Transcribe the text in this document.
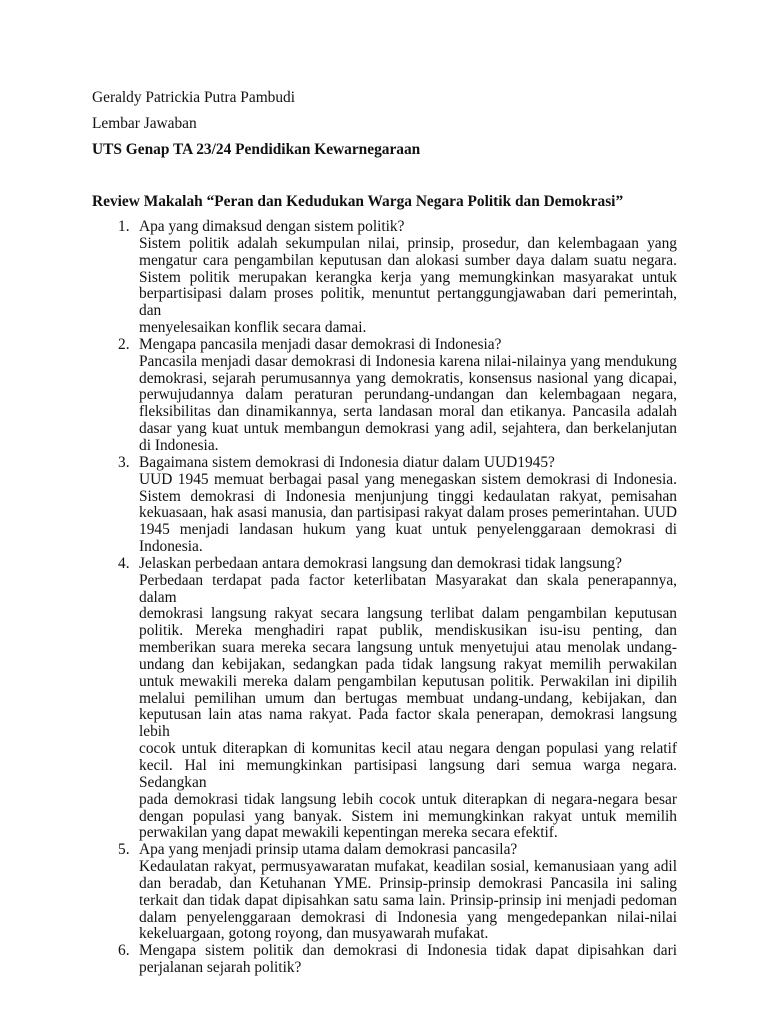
Geraldy Patrickia Putra Pambudi

Lembar Jawaban

UTS Genap TA 23/24 Pendidikan Kewarnegaraan

Review Makalah “Peran dan Kedudukan Warga Negara Politik dan Demokrasi”

1. Apa yang dimaksud dengan sistem politik?
Sistem politik adalah sekumpulan nilai, prinsip, prosedur, dan kelembagaan yang
mengatur cara pengambilan keputusan dan alokasi sumber daya dalam suatu negara.
Sistem politik merupakan kerangka kerja yang memungkinkan masyarakat untuk
berpartisipasi dalam proses politik, menuntut pertanggungjawaban dari pemerintah, dan
menyelesaikan konflik secara damai.
2. Mengapa pancasila menjadi dasar demokrasi di Indonesia?
Pancasila menjadi dasar demokrasi di Indonesia karena nilai-nilainya yang mendukung
demokrasi, sejarah perumusannya yang demokratis, konsensus nasional yang dicapai,
perwujudannya dalam peraturan perundang-undangan dan kelembagaan negara,
fleksibilitas dan dinamikannya, serta landasan moral dan etikanya. Pancasila adalah
dasar yang kuat untuk membangun demokrasi yang adil, sejahtera, dan berkelanjutan
di Indonesia.
3. Bagaimana sistem demokrasi di Indonesia diatur dalam UUD1945?
UUD 1945 memuat berbagai pasal yang menegaskan sistem demokrasi di Indonesia.
Sistem demokrasi di Indonesia menjunjung tinggi kedaulatan rakyat, pemisahan
kekuasaan, hak asasi manusia, dan partisipasi rakyat dalam proses pemerintahan. UUD
1945 menjadi landasan hukum yang kuat untuk penyelenggaraan demokrasi di
Indonesia.
4. Jelaskan perbedaan antara demokrasi langsung dan demokrasi tidak langsung?
Perbedaan terdapat pada factor keterlibatan Masyarakat dan skala penerapannya, dalam
demokrasi langsung rakyat secara langsung terlibat dalam pengambilan keputusan
politik. Mereka menghadiri rapat publik, mendiskusikan isu-isu penting, dan
memberikan suara mereka secara langsung untuk menyetujui atau menolak undang-
undang dan kebijakan, sedangkan pada tidak langsung rakyat memilih perwakilan
untuk mewakili mereka dalam pengambilan keputusan politik. Perwakilan ini dipilih
melalui pemilihan umum dan bertugas membuat undang-undang, kebijakan, dan
keputusan lain atas nama rakyat. Pada factor skala penerapan, demokrasi langsung lebih
cocok untuk diterapkan di komunitas kecil atau negara dengan populasi yang relatif
kecil. Hal ini memungkinkan partisipasi langsung dari semua warga negara. Sedangkan
pada demokrasi tidak langsung lebih cocok untuk diterapkan di negara-negara besar
dengan populasi yang banyak. Sistem ini memungkinkan rakyat untuk memilih
perwakilan yang dapat mewakili kepentingan mereka secara efektif.
5. Apa yang menjadi prinsip utama dalam demokrasi pancasila?
Kedaulatan rakyat, permusyawaratan mufakat, keadilan sosial, kemanusiaan yang adil
dan beradab, dan Ketuhanan YME. Prinsip-prinsip demokrasi Pancasila ini saling
terkait dan tidak dapat dipisahkan satu sama lain. Prinsip-prinsip ini menjadi pedoman
dalam penyelenggaraan demokrasi di Indonesia yang mengedepankan nilai-nilai
kekeluargaan, gotong royong, dan musyawarah mufakat.
6. Mengapa sistem politik dan demokrasi di Indonesia tidak dapat dipisahkan dari
perjalanan sejarah politik?
